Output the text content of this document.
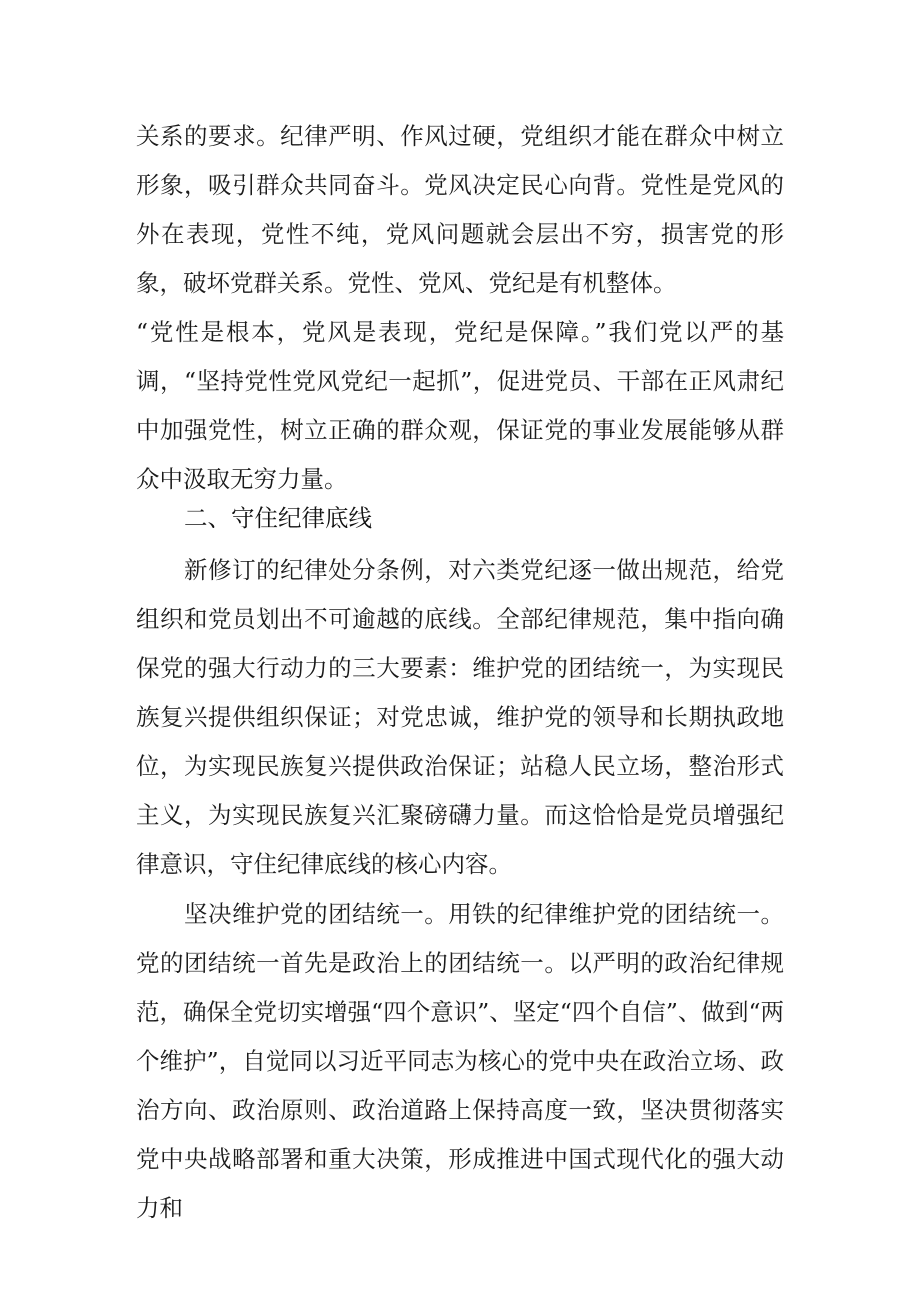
关系的要求。纪律严明、作风过硬，党组织才能在群众中树立形象，吸引群众共同奋斗。党风决定民心向背。党性是党风的外在表现，党性不纯，党风问题就会层出不穷，损害党的形象，破坏党群关系。党性、党风、党纪是有机整体。

“党性是根本，党风是表现，党纪是保障。”我们党以严的基调，“坚持党性党风党纪一起抓”，促进党员、干部在正风肃纪中加强党性，树立正确的群众观，保证党的事业发展能够从群众中汲取无穷力量。

二、守住纪律底线

　　新修订的纪律处分条例，对六类党纪逐一做出规范，给党组织和党员划出不可逾越的底线。全部纪律规范，集中指向确保党的强大行动力的三大要素：维护党的团结统一，为实现民族复兴提供组织保证；对党忠诚，维护党的领导和长期执政地位，为实现民族复兴提供政治保证；站稳人民立场，整治形式主义，为实现民族复兴汇聚磅礴力量。而这恰恰是党员增强纪律意识，守住纪律底线的核心内容。

　　坚决维护党的团结统一。用铁的纪律维护党的团结统一。党的团结统一首先是政治上的团结统一。以严明的政治纪律规范，确保全党切实增强“四个意识”、坚定“四个自信”、做到“两个维护”，自觉同以习近平同志为核心的党中央在政治立场、政治方向、政治原则、政治道路上保持高度一致，坚决贯彻落实党中央战略部署和重大决策，形成推进中国式现代化的强大动力和
